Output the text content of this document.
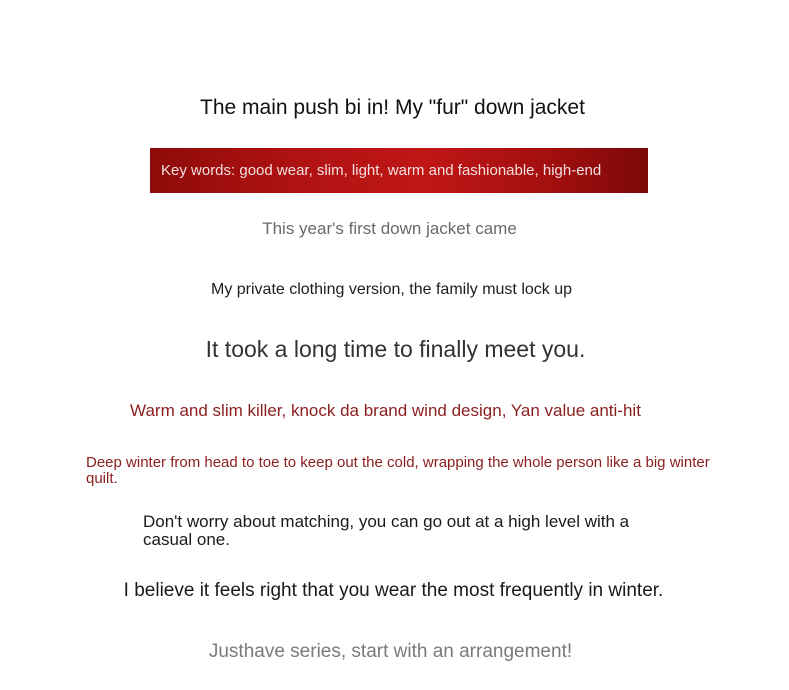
The main push bi in! My "fur" down jacket
Key words: good wear, slim, light, warm and fashionable, high-end
This year's first down jacket came
My private clothing version, the family must lock up
It took a long time to finally meet you.
Warm and slim killer, knock da brand wind design, Yan value anti-hit
Deep winter from head to toe to keep out the cold, wrapping the whole person like a big winter quilt.
Don't worry about matching, you can go out at a high level with a casual one.
I believe it feels right that you wear the most frequently in winter.
Justhave series, start with an arrangement!
